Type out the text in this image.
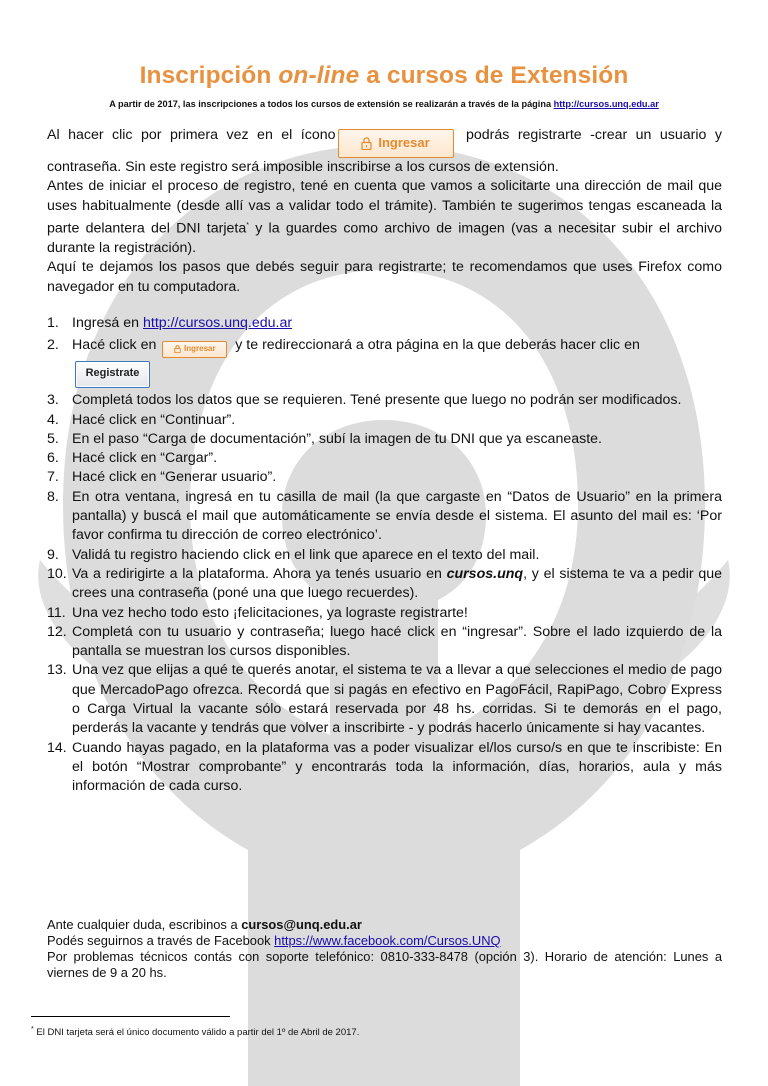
Inscripción on-line a cursos de Extensión
A partir de 2017, las inscripciones a todos los cursos de extensión se realizarán a través de la página http://cursos.unq.edu.ar

Al hacer clic por primera vez en el ícono	Ingresar podrás registrarte -crear un usuario y contraseña. Sin este registro será imposible inscribirse a los cursos de extensión.

Antes de iniciar el proceso de registro, tené en cuenta que vamos a solicitarte una dirección de mail que uses habitualmente (desde allí vas a validar todo el trámite). También te sugerimos tengas escaneada la parte delantera del DNI tarjeta* y la guardes como archivo de imagen (vas a necesitar subir el archivo durante la registración).

Aquí te dejamos los pasos que debés seguir para registrarte; te recomendamos que uses Firefox como navegador en tu computadora.

1. Ingresá en http://cursos.unq.edu.ar
2. Hacé click en	Ingresar y te redireccionará a otra página en la que deberás hacer clic en
Registrate
3. Completá todos los datos que se requieren. Tené presente que luego no podrán ser modificados.
4. Hacé click en “Continuar”.
5. En el paso “Carga de documentación”, subí la imagen de tu DNI que ya escaneaste.
6. Hacé click en “Cargar”.
7. Hacé click en “Generar usuario”.
8. En otra ventana, ingresá en tu casilla de mail (la que cargaste en “Datos de Usuario” en la primera pantalla) y buscá el mail que automáticamente se envía desde el sistema. El asunto del mail es: ‘Por favor confirma tu dirección de correo electrónico’.
9. Validá tu registro haciendo click en el link que aparece en el texto del mail.
10. Va a redirigirte a la plataforma. Ahora ya tenés usuario en cursos.unq, y el sistema te va a pedir que crees una contraseña (poné una que luego recuerdes).
11. Una vez hecho todo esto ¡felicitaciones, ya lograste registrarte!
12. Completá con tu usuario y contraseña; luego hacé click en “ingresar”. Sobre el lado izquierdo de la pantalla se muestran los cursos disponibles.
13. Una vez que elijas a qué te querés anotar, el sistema te va a llevar a que selecciones el medio de pago que MercadoPago ofrezca. Recordá que si pagás en efectivo en PagoFácil, RapiPago, Cobro Express o Carga Virtual la vacante sólo estará reservada por 48 hs. corridas. Si te demorás en el pago, perderás la vacante y tendrás que volver a inscribirte - y podrás hacerlo únicamente si hay vacantes.
14. Cuando hayas pagado, en la plataforma vas a poder visualizar el/los curso/s en que te inscribiste: En el botón “Mostrar comprobante” y encontrarás toda la información, días, horarios, aula y más información de cada curso.

Ante cualquier duda, escribinos a cursos@unq.edu.ar

Podés seguirnos a través de Facebook https://www.facebook.com/Cursos.UNQ

Por problemas técnicos contás con soporte telefónico: 0810-333-8478 (opción 3). Horario de atención: Lunes a viernes de 9 a 20 hs.

* El DNI tarjeta será el único documento válido a partir del 1º de Abril de 2017.
